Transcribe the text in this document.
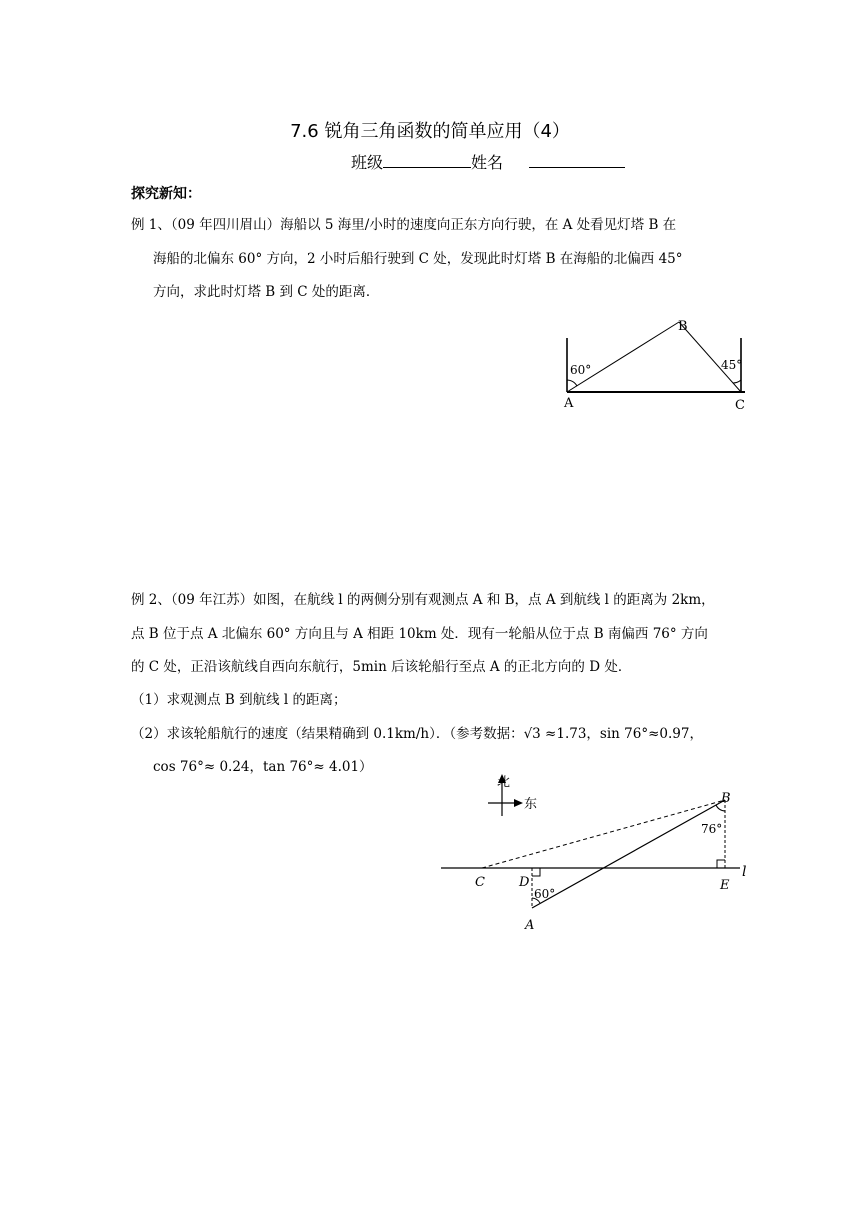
7.6 锐角三角函数的简单应用（4）
班级	姓名
探究新知：
例 1、（09 年四川眉山）海船以 5 海里/小时的速度向正东方向行驶，在 A 处看见灯塔 B 在
海船的北偏东 60° 方向，2 小时后船行驶到 C 处，发现此时灯塔 B 在海船的北偏西 45°
方向，求此时灯塔 B 到 C 处的距离．
60°	45°
B
A	C
例 2、（09 年江苏）如图，在航线 l 的两侧分别有观测点 A 和 B，点 A 到航线 l 的距离为 2km，
点 B 位于点 A 北偏东 60° 方向且与 A 相距 10km 处．现有一轮船从位于点 B 南偏西 76° 方向
的 C 处，正沿该航线自西向东航行，5min 后该轮船行至点 A 的正北方向的 D 处．
（1）求观测点 B 到航线 l 的距离；
（2）求该轮船航行的速度（结果精确到 0.1km/h）．（参考数据：√3 ≈1.73，sin 76°≈0.97，
cos 76°≈ 0.24，tan 76°≈ 4.01）
北
东	B
76°
C	D	E
l
60°
A
